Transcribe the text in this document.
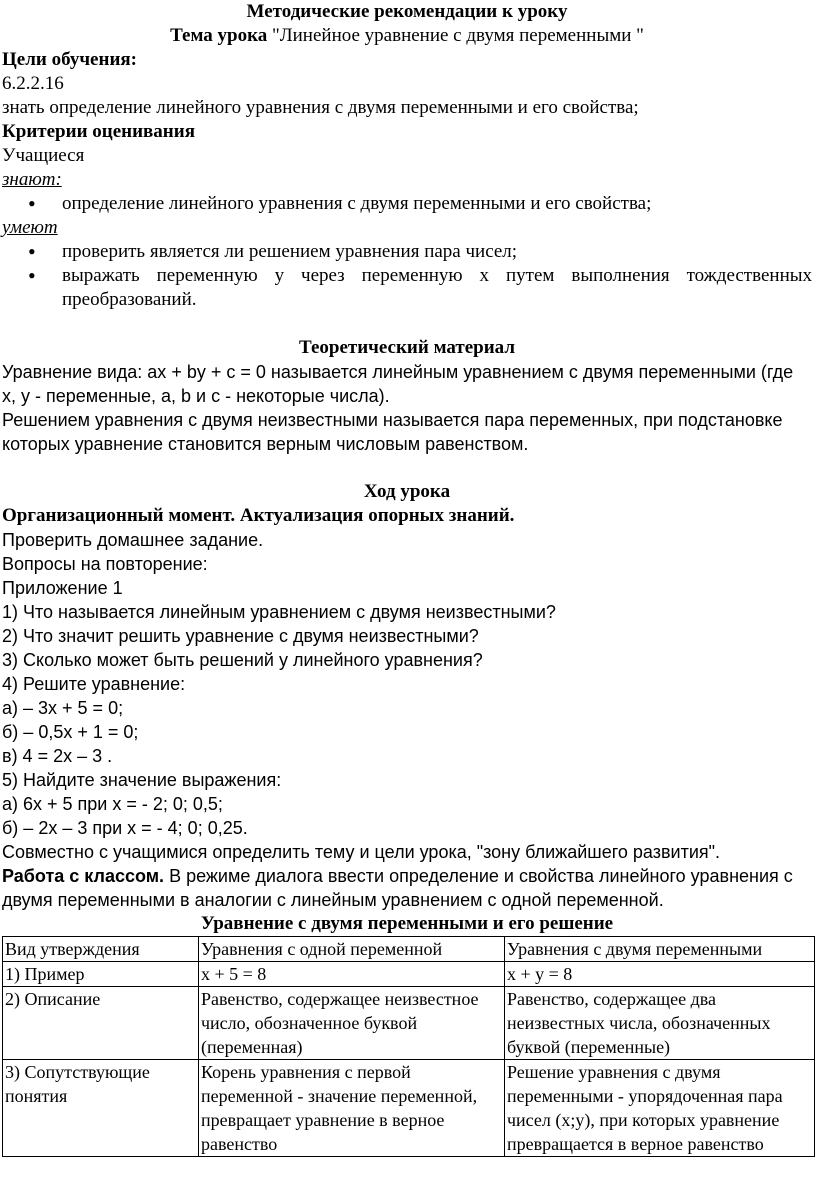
Методические рекомендации к уроку

Тема урока "Линейное уравнение с двумя переменными "

Цели обучения:

6.2.2.16

знать определение линейного уравнения с двумя переменными и его свойства;

Критерии оценивания

Учащиеся

знают:

• определение линейного уравнения с двумя переменными и его свойства;

умеют

• проверить является ли решением уравнения пара чисел;
• выражать переменную у через переменную х путем выполнения тождественных преобразований.

Теоретический материал

Уравнение вида: ax + by + c = 0 называется линейным уравнением с двумя переменными (где x, y - переменные, a, b и c - некоторые числа).

Решением уравнения с двумя неизвестными называется пара переменных, при подстановке которых уравнение становится верным числовым равенством.

Ход урока

Организационный момент. Актуализация опорных знаний.

Проверить домашнее задание.

Вопросы на повторение:

Приложение 1

1) Что называется линейным уравнением с двумя неизвестными?

2) Что значит решить уравнение с двумя неизвестными?

3) Сколько может быть решений у линейного уравнения?

4) Решите уравнение:

а) – 3х + 5 = 0;

б) – 0,5х + 1 = 0;

в) 4 = 2х – 3 .

5) Найдите значение выражения:

а) 6х + 5 при х = - 2; 0; 0,5;

б) – 2х – 3 при х = - 4; 0; 0,25.

Совместно с учащимися определить тему и цели урока, "зону ближайшего развития".

Работа с классом. В режиме диалога ввести определение и свойства линейного уравнения с двумя переменными в аналогии с линейным уравнением с одной переменной.

Уравнение с двумя переменными и его решение

Вид утверждения	Уравнения с одной переменной	Уравнения с двумя переменными
1) Пример	х + 5 = 8	х + у = 8
2) Описание	Равенство, содержащее неизвестное число, обозначенное буквой (переменная)	Равенство, содержащее два неизвестных числа, обозначенных буквой (переменные)
3) Сопутствующие понятия	Корень уравнения с первой переменной - значение переменной, превращает уравнение в верное равенство	Решение уравнения с двумя переменными - упорядоченная пара чисел (х;у), при которых уравнение превращается в верное равенство
